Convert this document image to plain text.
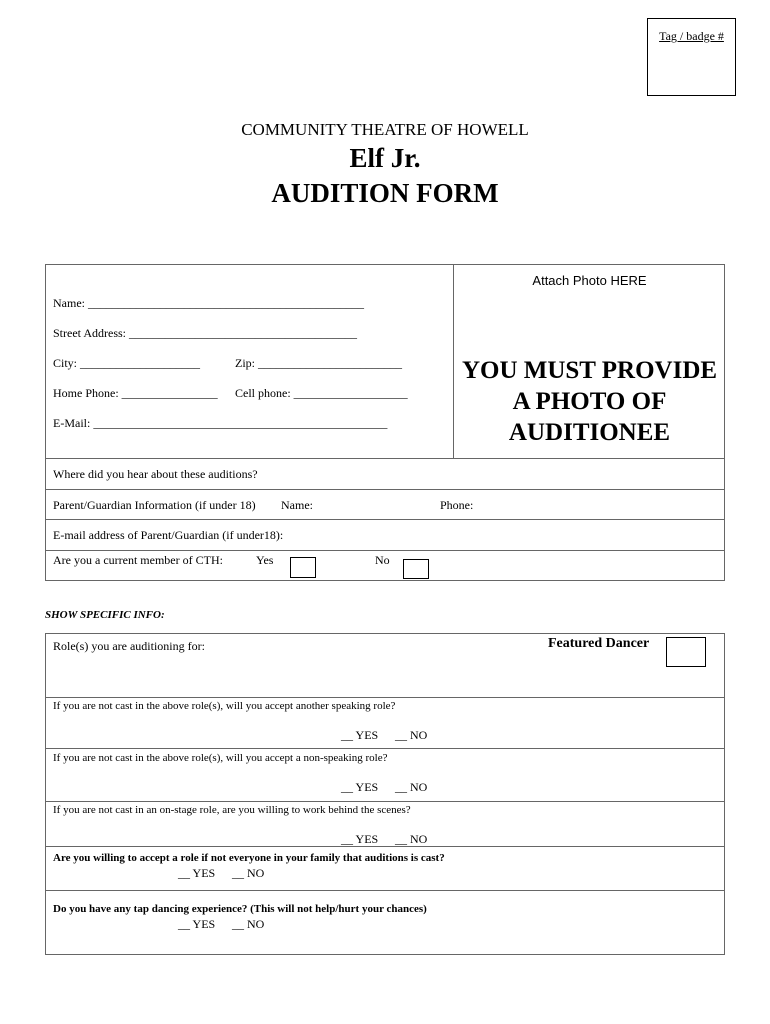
Tag / badge #
COMMUNITY THEATRE OF HOWELL
Elf Jr.
AUDITION FORM
Name: ______________________________________________
Street Address: ______________________________________
City: ____________________	Zip: ________________________
Home Phone: ________________ Cell phone: ___________________
E-Mail: _________________________________________________
Attach Photo HERE
YOU MUST PROVIDE
A PHOTO OF
AUDITIONEE
Where did you hear about these auditions?
Parent/Guardian Information (if under 18) Name:	Phone:
E-mail address of Parent/Guardian (if under18):
Are you a current member of CTH:	Yes	No
SHOW SPECIFIC INFO:
Role(s) you are auditioning for:	Featured Dancer
If you are not cast in the above role(s), will you accept another speaking role?
__ YES __ NO
If you are not cast in the above role(s), will you accept a non-speaking role?
__ YES __ NO
If you are not cast in an on-stage role, are you willing to work behind the scenes?
__ YES __ NO
Are you willing to accept a role if not everyone in your family that auditions is cast?
__ YES __ NO
Do you have any tap dancing experience? (This will not help/hurt your chances)
__ YES __ NO
